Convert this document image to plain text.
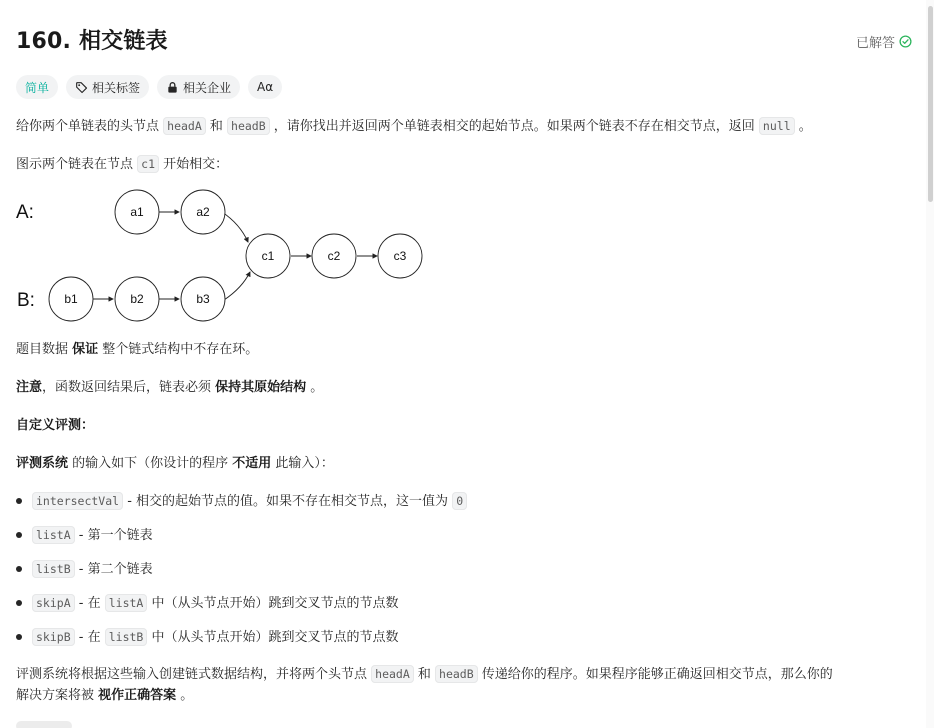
160. 相交链表	已解答
简单	相关标签	相关企业	Aα
给你两个单链表的头节点 headA 和 headB ，请你找出并返回两个单链表相交的起始节点。如果两个链表不存在相交节点，返回 null 。
图示两个链表在节点 c1 开始相交：
A:
B:
a1	a2
b1	b2	b3
c1	c2	c3
题目数据 保证 整个链式结构中不存在环。
注意，函数返回结果后，链表必须 保持其原始结构 。
自定义评测：
评测系统 的输入如下（你设计的程序 不适用 此输入）：
intersectVal - 相交的起始节点的值。如果不存在相交节点，这一值为 0
listA - 第一个链表
listB - 第二个链表
skipA - 在 listA 中（从头节点开始）跳到交叉节点的节点数
skipB - 在 listB 中（从头节点开始）跳到交叉节点的节点数
评测系统将根据这些输入创建链式数据结构，并将两个头节点 headA 和 headB 传递给你的程序。如果程序能够正确返回相交节点，那么你的
解决方案将被 视作正确答案 。
